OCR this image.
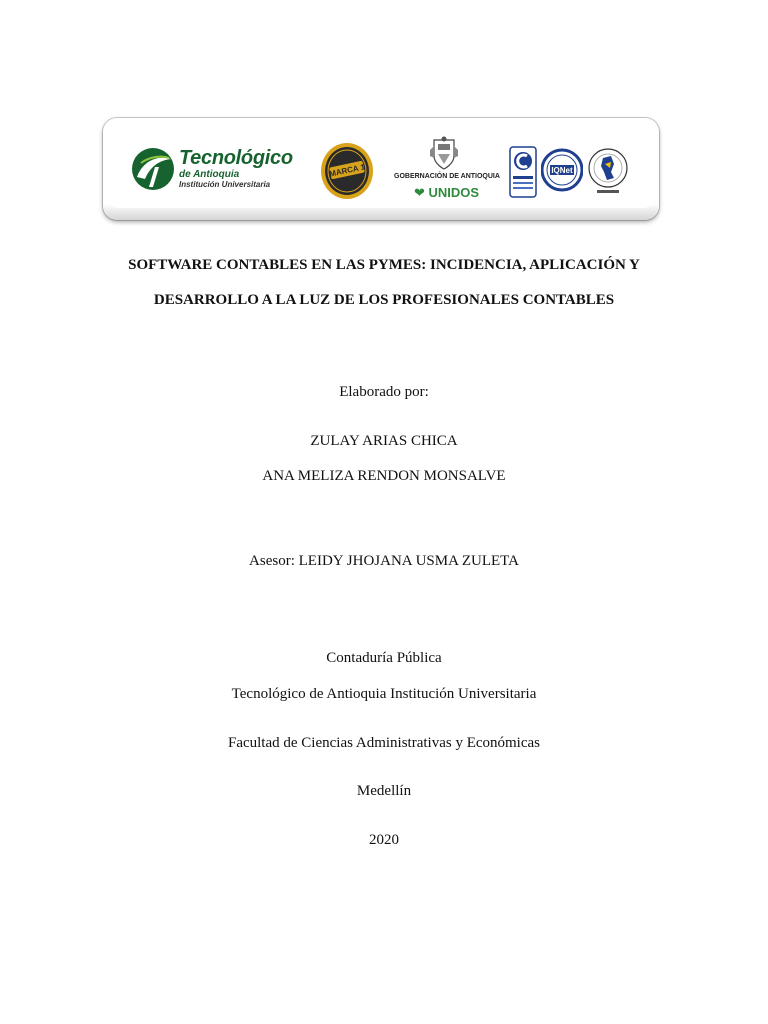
Tecnológico
de Antioquia
Institución Universitaria
MARCA 1	GOBERNACIÓN DE ANTIOQUIA
❤ UNIDOS
IQNet
SOFTWARE CONTABLES EN LAS PYMES: INCIDENCIA, APLICACIÓN Y
DESARROLLO A LA LUZ DE LOS PROFESIONALES CONTABLES
Elaborado por:
ZULAY ARIAS CHICA
ANA MELIZA RENDON MONSALVE
Asesor: LEIDY JHOJANA USMA ZULETA
Contaduría Pública
Tecnológico de Antioquia Institución Universitaria
Facultad de Ciencias Administrativas y Económicas
Medellín
2020
